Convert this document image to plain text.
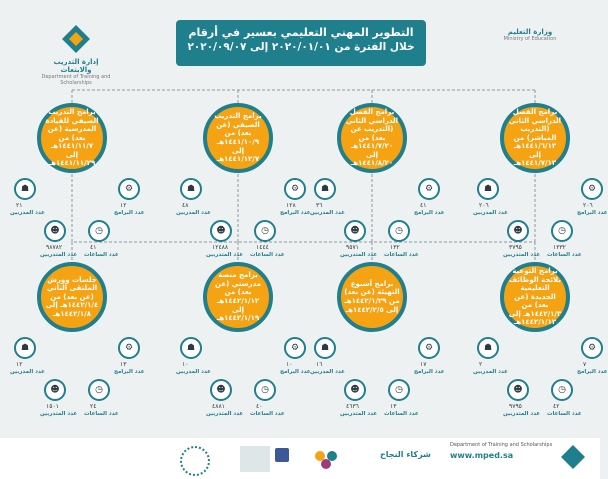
التطوير المهني التعليمي بعسير في أرقام
خلال الفترة من ٢٠٢٠/٠١/٠١ إلى ٢٠٢٠/٠٩/٠٧
وزارة التعليم
Ministry of Education
إدارة التدريب والابتعاث
Department of Training and Scholarships
برامج الفصل الدراسي الثاني (التدريب المباشر) من ١٤٤١/٦/١٣هـ إلى ١٤٤١/٧/١٣هـ
☗
٢٠٦
عدد المدربين
⚙
٢٠٦
عدد البرامج
☻
٣٧٩٥
عدد المتدربين
◷
١٣٣٢
عدد الساعات
برامج الفصل الدراسي الثاني (التدريب عن بعد) من ١٤٤١/٧/٢٠هـ إلى ١٤٤١/٨/٢٠هـ
☗
٣٦
عدد المدربين
⚙
٤١
عدد البرامج
☻
٩٥٧١
عدد المتدربين
◷
١٣٢
عدد الساعات
برامج التدريب الصيفي (عن بعد) من ١٤٤١/١٠/٩هـ إلى ١٤٤١/١٢/٧هـ
☗
٤٨
عدد المدربين
⚙
١٢٨
عدد البرامج
☻
١٢٤٨٨
عدد المتدربين
◷
١٤٤٤
عدد الساعات
برامج التدريب الصيفي للقيادة المدرسية (عن بعد) من ١٤٤١/١١/٧هـ إلى ١٤٤١/١١/٢٩هـ
☗
٢١
عدد المدربين
⚙
١٢
عدد البرامج
☻
٩٨٧٨٢
عدد المتدربين
◷
٤١
عدد الساعات
برامج التوعية بلائحة الوظائف التعليمية الجديدة (عن بعد) من ١٤٤٢/١/٣هـ إلى ١٤٤٢/١/١٢هـ
☗
٢
عدد المدربين
⚙
٧
عدد البرامج
☻
٩٧٩٥
عدد المتدربين
◷
٤٢
عدد الساعات
برامج أسبوع التهيئة (عن بعد) من ١٤٤٢/١/٢٩هـ إلى ١٤٤٢/٢/٥هـ
☗
١٦
عدد المدربين
⚙
١٧
عدد البرامج
☻
٤٦٣٦
عدد المتدربين
◷
١٣
عدد الساعات
برامج منصة مدرستي (عن بعد) من ١٤٤٢/١/١٢هـ إلى ١٤٤٢/١/١٩هـ
☗
١٠
عدد المدربين
⚙
١٠
عدد البرامج
☻
٤٨٨١
عدد المتدربين
◷
٤٠
عدد الساعات
جلسات وورش الملتقى الثاني (عن بعد) من ١٤٤٢/١/٤هـ إلى ١٤٤٢/١/٨هـ
☗
١٢
عدد المدربين
⚙
١٣
عدد البرامج
☻
١٥٠١
عدد المتدربين
◷
٢٤
عدد الساعات
Department of Training and Scholarships
www.mped.sa
شركاء النجاح
